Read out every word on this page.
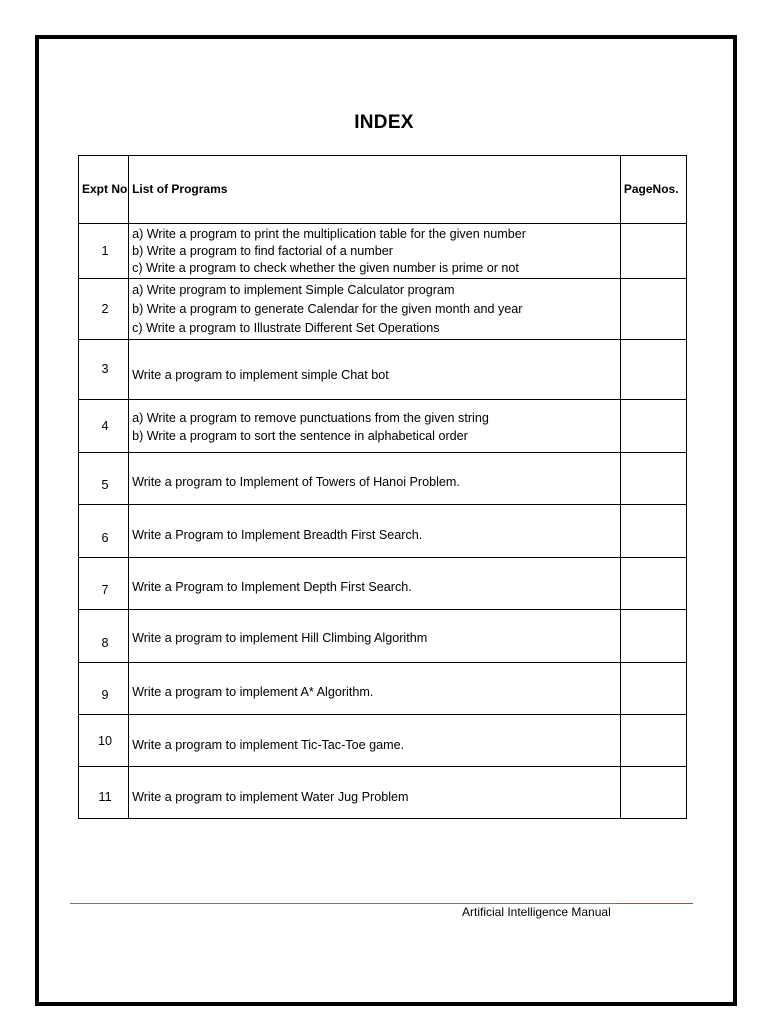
INDEX
Expt No	List of Programs	PageNos.
1	a) Write a program to print the multiplication table for the given number
b) Write a program to find factorial of a number
c) Write a program to check whether the given number is prime or not	

2	a) Write program to implement Simple Calculator program
b) Write a program to generate Calendar for the given month and year
c) Write a program to Illustrate Different Set Operations	

3	Write a program to implement simple Chat bot	

4	a) Write a program to remove punctuations from the given string
b) Write a program to sort the sentence in alphabetical order	

5	Write a program to Implement of Towers of Hanoi Problem.	

6	Write a Program to Implement Breadth First Search.	

7	Write a Program to Implement Depth First Search.	

8	Write a program to implement Hill Climbing Algorithm	

9	Write a program to implement A* Algorithm.	

10	Write a program to implement Tic-Tac-Toe game.	

11	Write a program to implement Water Jug Problem	

Artificial Intelligence Manual
